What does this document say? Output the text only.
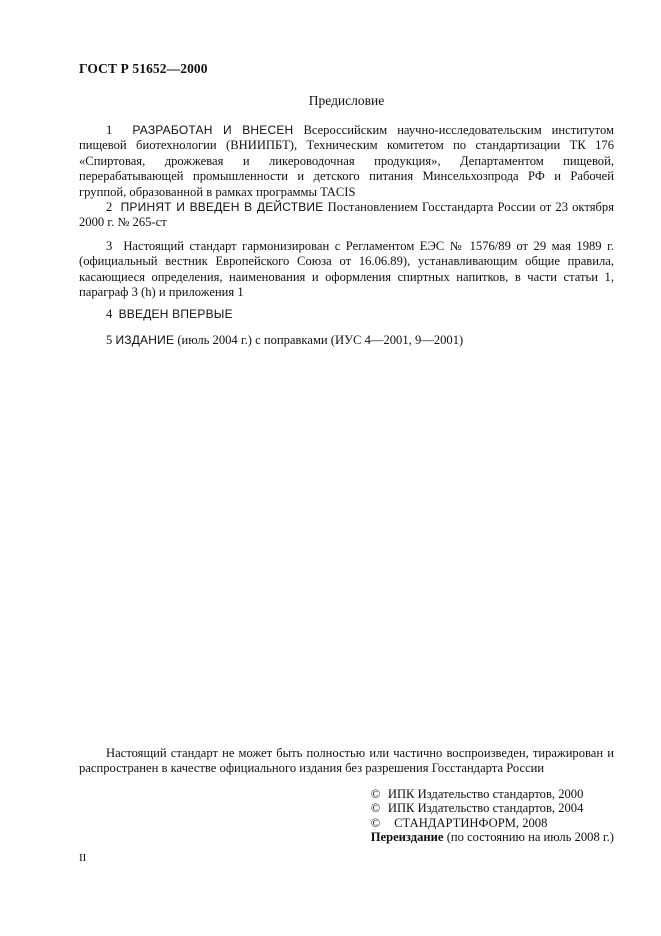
ГОСТ Р 51652—2000
Предисловие

1 РАЗРАБОТАН И ВНЕСЕН Всероссийским научно-исследовательским институтом пищевой биотехнологии (ВНИИПБТ), Техническим комитетом по стандартизации ТК 176 «Спиртовая, дрожжевая и ликероводочная продукция», Департаментом пищевой, перерабатывающей промышленности и детского питания Минсельхозпрода РФ и Рабочей группой, образованной в рамках программы TACIS

2 ПРИНЯТ И ВВЕДЕН В ДЕЙСТВИЕ Постановлением Госстандарта России от 23 октября 2000 г. № 265-ст

3 Настоящий стандарт гармонизирован с Регламентом ЕЭС № 1576/89 от 29 мая 1989 г. (официальный вестник Европейского Союза от 16.06.89), устанавливающим общие правила, касающиеся определения, наименования и оформления спиртных напитков, в части статьи 1, параграф 3 (h) и приложения 1

4 ВВЕДЕН ВПЕРВЫЕ

5 ИЗДАНИЕ (июль 2004 г.) с поправками (ИУС 4—2001, 9—2001)

Настоящий стандарт не может быть полностью или частично воспроизведен, тиражирован и распространен в качестве официального издания без разрешения Госстандарта России

© ИПК Издательство стандартов, 2000
© ИПК Издательство стандартов, 2004
© СТАНДАРТИНФОРМ, 2008
Переиздание (по состоянию на июль 2008 г.)
II
